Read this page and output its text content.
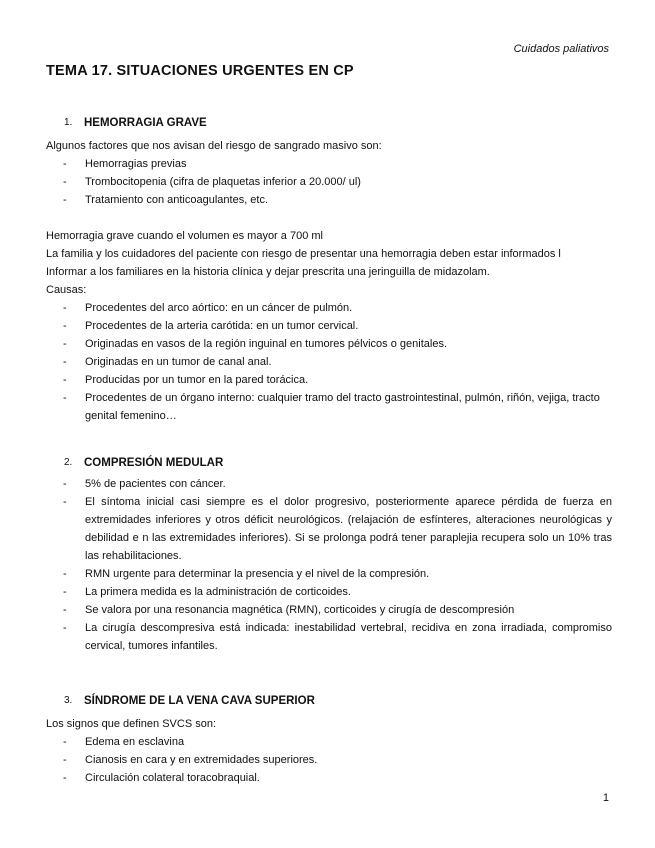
Cuidados paliativos
TEMA 17. SITUACIONES URGENTES EN CP
1.	HEMORRAGIA GRAVE

Algunos factores que nos avisan del riesgo de sangrado masivo son:

- Hemorragias previas
- Trombocitopenia (cifra de plaquetas inferior a 20.000/ ul)
- Tratamiento con anticoagulantes, etc.

Hemorragia grave cuando el volumen es mayor a 700 ml

La familia y los cuidadores del paciente con riesgo de presentar una hemorragia deben estar informados l

Informar a los familiares en la historia clínica y dejar prescrita una jeringuilla de midazolam.

Causas:

- Procedentes del arco aórtico: en un cáncer de pulmón.
- Procedentes de la arteria carótida: en un tumor cervical.
- Originadas en vasos de la región inguinal en tumores pélvicos o genitales.
- Originadas en un tumor de canal anal.
- Producidas por un tumor en la pared torácica.
- Procedentes de un órgano interno: cualquier tramo del tracto gastrointestinal, pulmón, riñón, vejiga, tracto genital femenino…
2.	COMPRESIÓN MEDULAR
- 5% de pacientes con cáncer.
- El síntoma inicial casi siempre es el dolor progresivo, posteriormente aparece pérdida de fuerza en extremidades inferiores y otros déficit neurológicos. (relajación de esfínteres, alteraciones neurológicas y debilidad e n las extremidades inferiores). Si se prolonga podrá tener paraplejia recupera solo un 10% tras las rehabilitaciones.
- RMN urgente para determinar la presencia y el nivel de la compresión.
- La primera medida es la administración de corticoides.
- Se valora por una resonancia magnética (RMN), corticoides y cirugía de descompresión
- La cirugía descompresiva está indicada: inestabilidad vertebral, recidiva en zona irradiada, compromiso cervical, tumores infantiles.
3.	SÍNDROME DE LA VENA CAVA SUPERIOR

Los signos que definen SVCS son:

- Edema en esclavina
- Cianosis en cara y en extremidades superiores.
- Circulación colateral toracobraquial.
1
